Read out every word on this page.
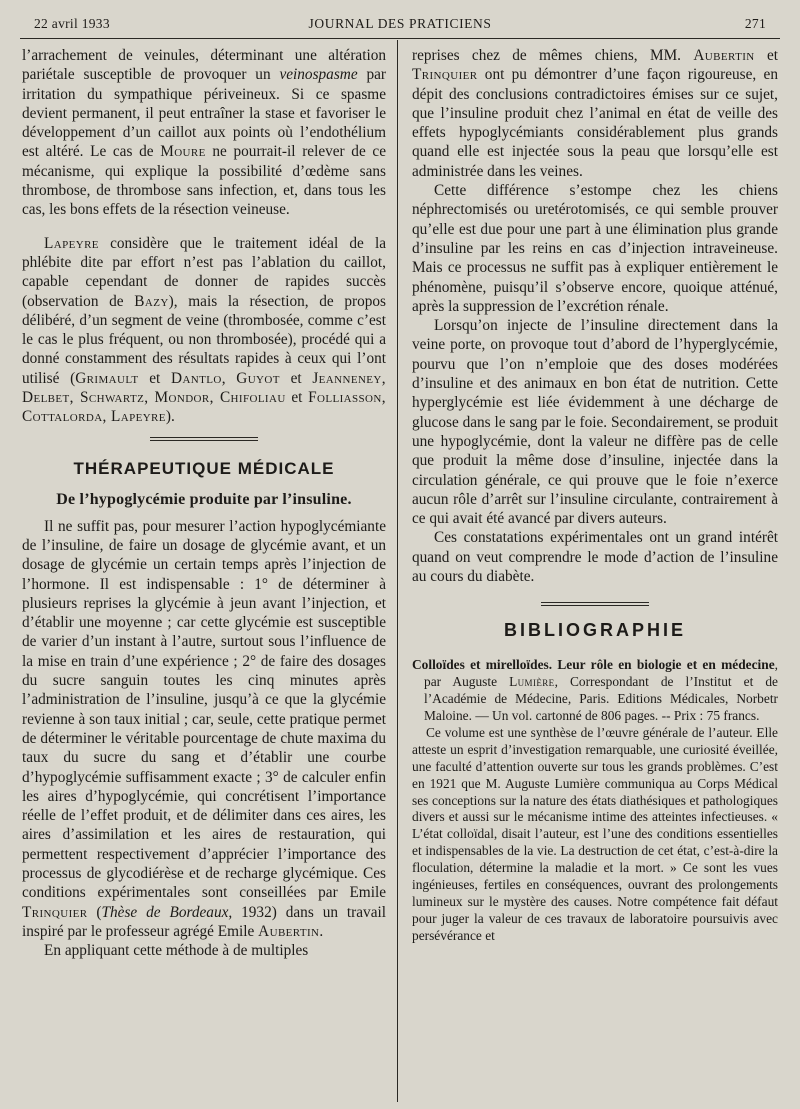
22 avril 1933	JOURNAL DES PRATICIENS	271

l’arrachement de veinules, déterminant une altération pariétale susceptible de provoquer un veinospasme par irritation du sympathique périveineux. Si ce spasme devient permanent, il peut entraîner la stase et favoriser le développement d’un caillot aux points où l’endothélium est altéré. Le cas de Moure ne pourrait-il relever de ce mécanisme, qui explique la possibilité d’œdème sans thrombose, de thrombose sans infection, et, dans tous les cas, les bons effets de la résection veineuse.

Lapeyre considère que le traitement idéal de la phlébite dite par effort n’est pas l’ablation du caillot, capable cependant de donner de rapides succès (observation de Bazy), mais la résection, de propos délibéré, d’un segment de veine (thrombosée, comme c’est le cas le plus fréquent, ou non thrombosée), procédé qui a donné constamment des résultats rapides à ceux qui l’ont utilisé (Grimault et Dantlo, Guyot et Jeanneney, Delbet, Schwartz, Mondor, Chifoliau et Folliasson, Cottalorda, Lapeyre).

THÉRAPEUTIQUE MÉDICALE
De l’hypoglycémie produite par l’insuline.

Il ne suffit pas, pour mesurer l’action hypoglycémiante de l’insuline, de faire un dosage de glycémie avant, et un dosage de glycémie un certain temps après l’injection de l’hormone. Il est indispensable : 1° de déterminer à plusieurs reprises la glycémie à jeun avant l’injection, et d’établir une moyenne ; car cette glycémie est susceptible de varier d’un instant à l’autre, surtout sous l’influence de la mise en train d’une expérience ; 2° de faire des dosages du sucre sanguin toutes les cinq minutes après l’administration de l’insuline, jusqu’à ce que la glycémie revienne à son taux initial ; car, seule, cette pratique permet de déterminer le véritable pourcentage de chute maxima du taux du sucre du sang et d’établir une courbe d’hypoglycémie suffisamment exacte ; 3° de calculer enfin les aires d’hypoglycémie, qui concrétisent l’importance réelle de l’effet produit, et de délimiter dans ces aires, les aires d’assimilation et les aires de restauration, qui permettent respectivement d’apprécier l’importance des processus de glycodiérèse et de recharge glycémique. Ces conditions expérimentales sont conseillées par Emile Trinquier (Thèse de Bordeaux, 1932) dans un travail inspiré par le professeur agrégé Emile Aubertin.

En appliquant cette méthode à de multiples

reprises chez de mêmes chiens, MM. Aubertin et Trinquier ont pu démontrer d’une façon rigoureuse, en dépit des conclusions contradictoires émises sur ce sujet, que l’insuline produit chez l’animal en état de veille des effets hypoglycémiants considérablement plus grands quand elle est injectée sous la peau que lorsqu’elle est administrée dans les veines.

Cette différence s’estompe chez les chiens néphrectomisés ou uretérotomisés, ce qui semble prouver qu’elle est due pour une part à une élimination plus grande d’insuline par les reins en cas d’injection intraveineuse. Mais ce processus ne suffit pas à expliquer entièrement le phénomène, puisqu’il s’observe encore, quoique atténué, après la suppression de l’excrétion rénale.

Lorsqu’on injecte de l’insuline directement dans la veine porte, on provoque tout d’abord de l’hyperglycémie, pourvu que l’on n’emploie que des doses modérées d’insuline et des animaux en bon état de nutrition. Cette hyperglycémie est liée évidemment à une décharge de glucose dans le sang par le foie. Secondairement, se produit une hypoglycémie, dont la valeur ne diffère pas de celle que produit la même dose d’insuline, injectée dans la circulation générale, ce qui prouve que le foie n’exerce aucun rôle d’arrêt sur l’insuline circulante, contrairement à ce qui avait été avancé par divers auteurs.

Ces constatations expérimentales ont un grand intérêt quand on veut comprendre le mode d’action de l’insuline au cours du diabète.

BIBLIOGRAPHIE

Colloïdes et mirelloïdes. Leur rôle en biologie et en médecine, par Auguste Lumière, Correspondant de l’Institut et de l’Académie de Médecine, Paris. Editions Médicales, Norbetr Maloine. — Un vol. cartonné de 806 pages. -- Prix : 75 francs.

Ce volume est une synthèse de l’œuvre générale de l’auteur. Elle atteste un esprit d’investigation remarquable, une curiosité éveillée, une faculté d’attention ouverte sur tous les grands problèmes. C’est en 1921 que M. Auguste Lumière communiqua au Corps Médical ses conceptions sur la nature des états diathésiques et pathologiques divers et aussi sur le mécanisme intime des atteintes infectieuses. « L’état colloïdal, disait l’auteur, est l’une des conditions essentielles et indispensables de la vie. La destruction de cet état, c’est-à-dire la floculation, détermine la maladie et la mort. » Ce sont les vues ingénieuses, fertiles en conséquences, ouvrant des prolongements lumineux sur le mystère des causes. Notre compétence fait défaut pour juger la valeur de ces travaux de laboratoire poursuivis avec persévérance et
